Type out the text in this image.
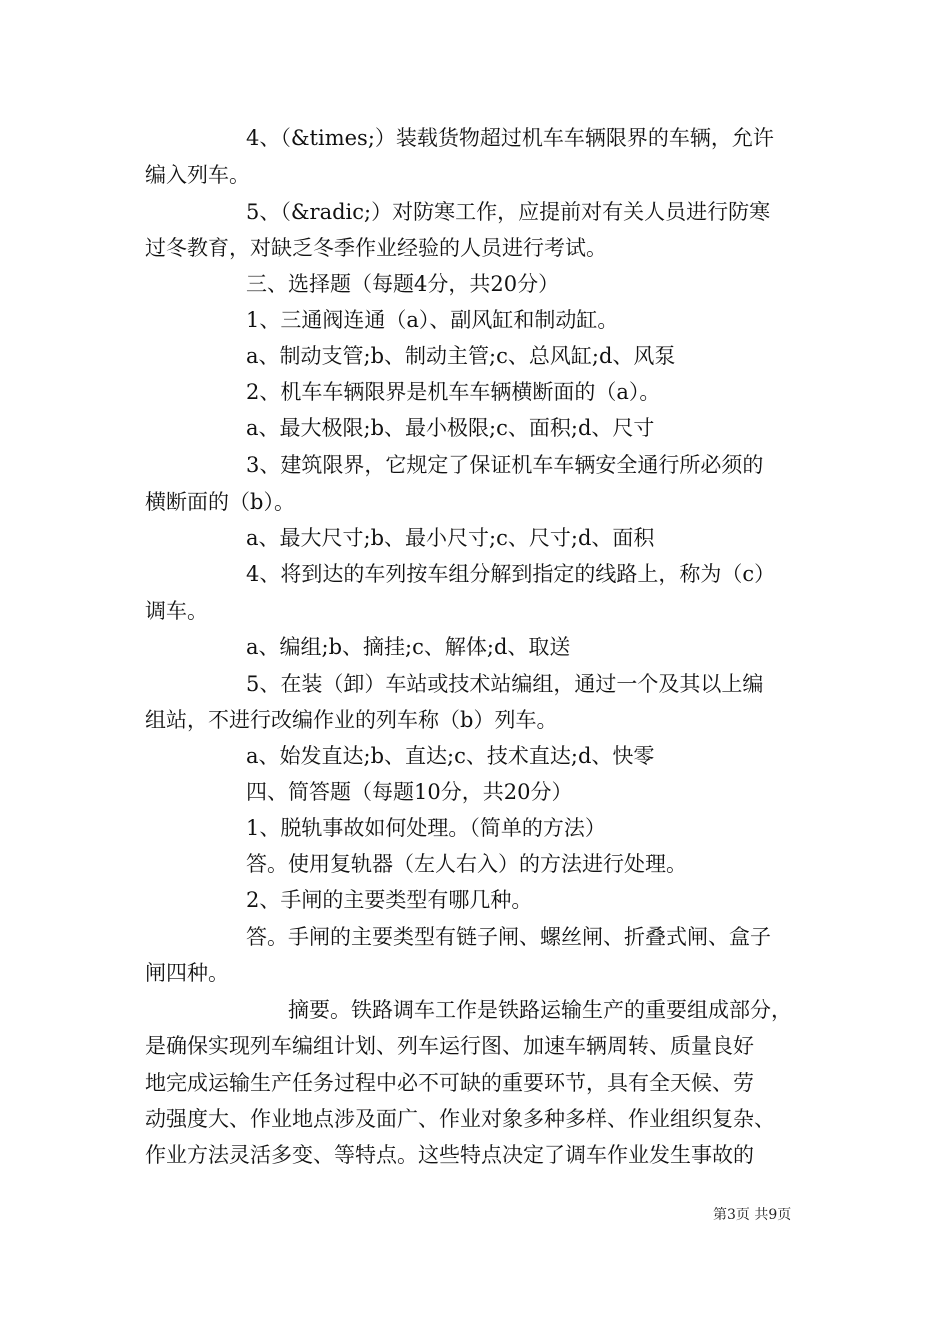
4、（&times;）装载货物超过机车车辆限界的车辆，允许
编入列车。
5、（&radic;）对防寒工作，应提前对有关人员进行防寒
过冬教育，对缺乏冬季作业经验的人员进行考试。
三、选择题（每题4分，共20分）
1、三通阀连通（a）、副风缸和制动缸。
a、制动支管;b、制动主管;c、总风缸;d、风泵
2、机车车辆限界是机车车辆横断面的（a）。
a、最大极限;b、最小极限;c、面积;d、尺寸
3、建筑限界，它规定了保证机车车辆安全通行所必须的
横断面的（b）。
a、最大尺寸;b、最小尺寸;c、尺寸;d、面积
4、将到达的车列按车组分解到指定的线路上，称为（c）
调车。
a、编组;b、摘挂;c、解体;d、取送
5、在装（卸）车站或技术站编组，通过一个及其以上编
组站，不进行改编作业的列车称（b）列车。
a、始发直达;b、直达;c、技术直达;d、快零
四、简答题（每题10分，共20分）
1、脱轨事故如何处理。（简单的方法）
答。使用复轨器（左人右入）的方法进行处理。
2、手闸的主要类型有哪几种。
答。手闸的主要类型有链子闸、螺丝闸、折叠式闸、盒子
闸四种。
摘要。铁路调车工作是铁路运输生产的重要组成部分，
是确保实现列车编组计划、列车运行图、加速车辆周转、质量良好
地完成运输生产任务过程中必不可缺的重要环节，具有全天候、劳
动强度大、作业地点涉及面广、作业对象多种多样、作业组织复杂、
作业方法灵活多变、等特点。这些特点决定了调车作业发生事故的
第3页 共9页
